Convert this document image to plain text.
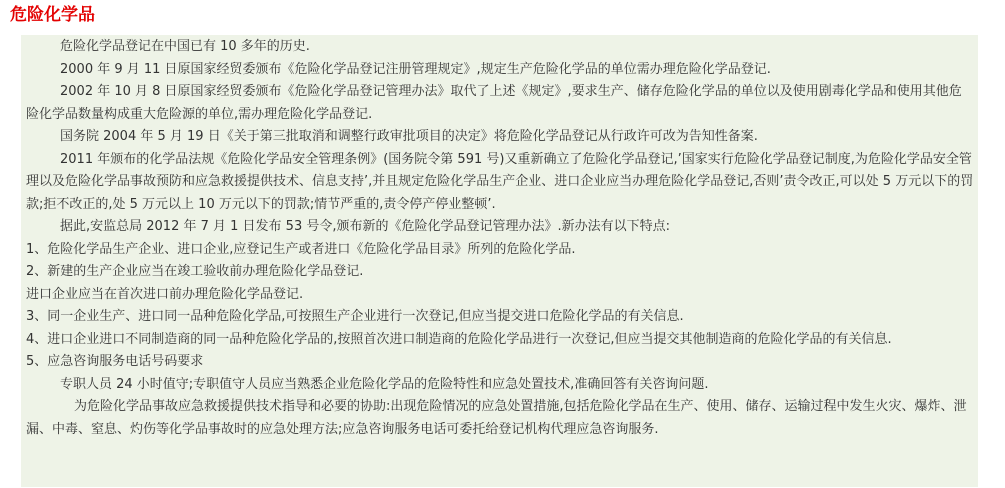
危险化学品

危险化学品登记在中国已有 10 多年的历史.

2000 年 9 月 11 日原国家经贸委颁布《危险化学品登记注册管理规定》,规定生产危险化学品的单位需办理危险化学品登记.

2002 年 10 月 8 日原国家经贸委颁布《危险化学品登记管理办法》取代了上述《规定》,要求生产、储存危险化学品的单位以及使用剧毒化学品和使用其他危险化学品数量构成重大危险源的单位,需办理危险化学品登记.

国务院 2004 年 5 月 19 日《关于第三批取消和调整行政审批项目的决定》将危险化学品登记从行政许可改为告知性备案.

2011 年颁布的化学品法规《危险化学品安全管理条例》(国务院令第 591 号)又重新确立了危险化学品登记,’国家实行危险化学品登记制度,为危险化学品安全管理以及危险化学品事故预防和应急救援提供技术、信息支持’,并且规定危险化学品生产企业、进口企业应当办理危险化学品登记,否则’责令改正,可以处 5 万元以下的罚款;拒不改正的,处 5 万元以上 10 万元以下的罚款;情节严重的,责令停产停业整顿’.

据此,安监总局 2012 年 7 月 1 日发布 53 号令,颁布新的《危险化学品登记管理办法》.新办法有以下特点:

1、危险化学品生产企业、进口企业,应登记生产或者进口《危险化学品目录》所列的危险化学品.

2、新建的生产企业应当在竣工验收前办理危险化学品登记.

进口企业应当在首次进口前办理危险化学品登记.

3、同一企业生产、进口同一品种危险化学品,可按照生产企业进行一次登记,但应当提交进口危险化学品的有关信息.

4、进口企业进口不同制造商的同一品种危险化学品的,按照首次进口制造商的危险化学品进行一次登记,但应当提交其他制造商的危险化学品的有关信息.

5、应急咨询服务电话号码要求

专职人员 24 小时值守;专职值守人员应当熟悉企业危险化学品的危险特性和应急处置技术,准确回答有关咨询问题.

为危险化学品事故应急救援提供技术指导和必要的协助:出现危险情况的应急处置措施,包括危险化学品在生产、使用、储存、运输过程中发生火灾、爆炸、泄漏、中毒、窒息、灼伤等化学品事故时的应急处理方法;应急咨询服务电话可委托给登记机构代理应急咨询服务.
